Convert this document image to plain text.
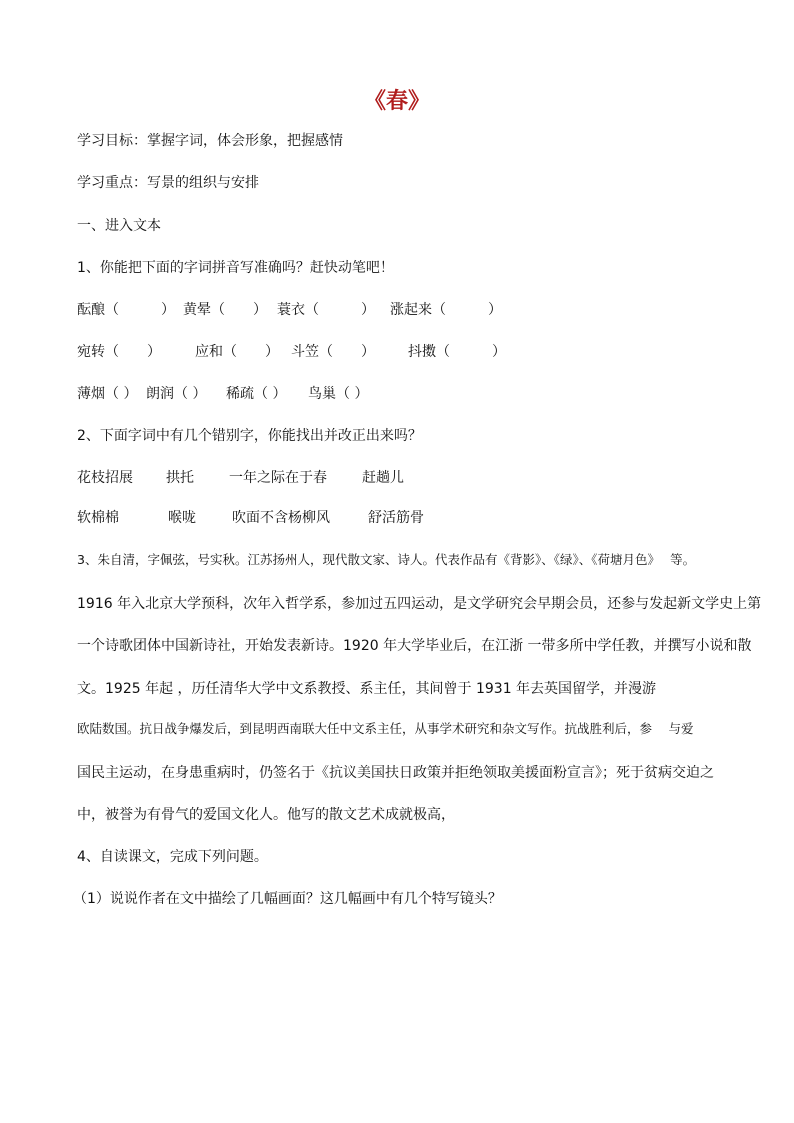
《春》
学习目标：掌握字词，体会形象，把握感情
学习重点：写景的组织与安排
一、进入文本
1、你能把下面的字词拼音写准确吗？赶快动笔吧！
酝酿（　　　） 黄晕（　　） 蓑衣（　　　） 涨起来（　　　）
宛转（　　） 应和（　　） 斗笠（　　） 抖擞（　　　）
薄烟（ ） 朗润（ ） 稀疏（ ） 鸟巢（ ）
2、下面字词中有几个错别字，你能找出并改正出来吗？
花枝招展 拱托	一年之际在于春	赶趟儿
软棉棉	喉咙	吹面不含杨柳风	舒活筋骨
3、朱自清，字佩弦，号实秋。江苏扬州人，现代散文家、诗人。代表作品有《背影》、《绿》、《荷塘月色》　 等。
1916 年入北京大学预科，次年入哲学系，参加过五四运动，是文学研究会早期会员，还参与发起新文学史上第
一个诗歌团体中国新诗社，开始发表新诗。1920 年大学毕业后，在江浙 一带多所中学任教，并撰写小说和散
文。1925 年起 ，历任清华大学中文系教授、系主任，其间曾于 1931 年去英国留学，并漫游
欧陆数国。抗日战争爆发后，到昆明西南联大任中文系主任，从事学术研究和杂文写作。抗战胜利后，参　 与爱
国民主运动，在身患重病时，仍签名于《抗议美国扶日政策并拒绝领取美援面粉宣言》；死于贫病交迫之
中，被誉为有骨气的爱国文化人。他写的散文艺术成就极高，
4、自读课文，完成下列问题。
（1）说说作者在文中描绘了几幅画面？这几幅画中有几个特写镜头？
